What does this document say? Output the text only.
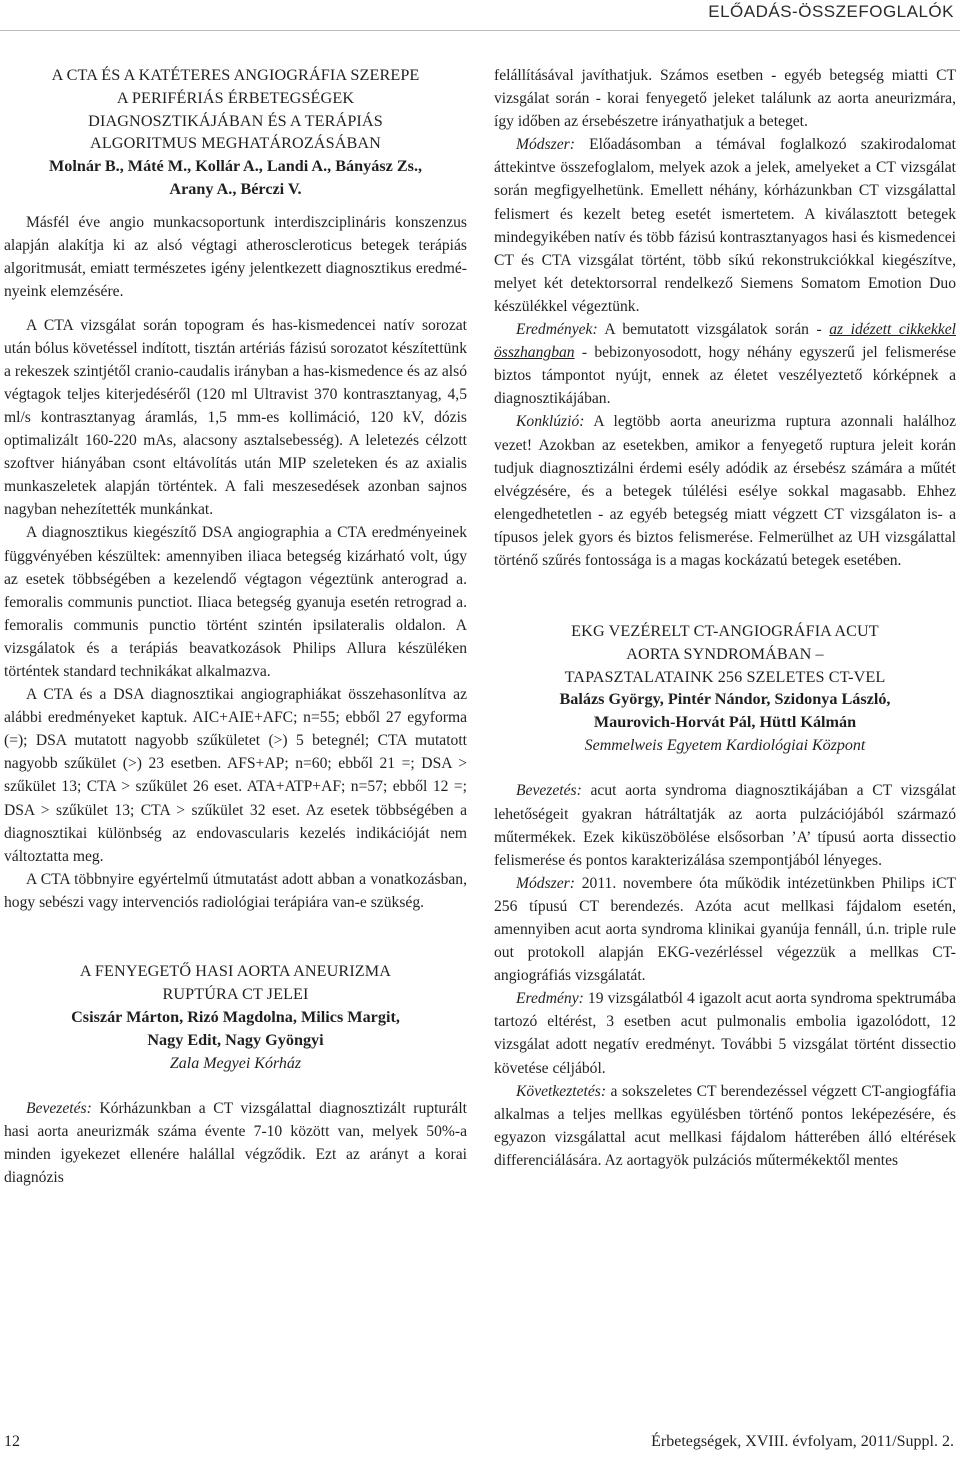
ELŐADÁS-ÖSSZEFOGLALÓK
A CTA ÉS A KATÉTERES ANGIOGRÁFIA SZEREPE
A PERIFÉRIÁS ÉRBETEGSÉGEK
DIAGNOSZTIKÁJÁBAN ÉS A TERÁPIÁS
ALGORITMUS MEGHATÁROZÁSÁBAN
Molnár B., Máté M., Kollár A., Landi A., Bányász Zs.,
Arany A., Bérczi V.

Másfél éve angio munkacsoportunk interdiszciplináris konszenzus alapján alakítja ki az alsó végtagi atheroscleroticus betegek terápiás algoritmusát, emiatt természetes igény jelentkezett diagnosztikus eredményeink elemzésére.

A CTA vizsgálat során topogram és has-kismedencei natív sorozat után bólus követéssel indított, tisztán artériás fázisú sorozatot készítettünk a rekeszek szintjétől cranio-caudalis irányban a has-kismedence és az alsó végtagok teljes kiterjedéséről (120 ml Ultravist 370 kontrasztanyag, 4,5 ml/s kontrasztanyag áramlás, 1,5 mm-es kollimáció, 120 kV, dózis optimalizált 160-220 mAs, alacsony asztalsebesség). A leletezés célzott szoftver hiányában csont eltávolítás után MIP szeleteken és az axialis munkaszeletek alapján történtek. A fali meszesedések azonban sajnos nagyban nehezítették munkánkat.

A diagnosztikus kiegészítő DSA angiographia a CTA eredményeinek függvényében készültek: amennyiben iliaca betegség kizárható volt, úgy az esetek többségében a kezelendő végtagon végeztünk anterograd a. femoralis communis punctiot. Iliaca betegség gyanuja esetén retrograd a. femoralis communis punctio történt szintén ipsilateralis oldalon. A vizsgálatok és a terápiás beavatkozások Philips Allura készüléken történtek standard technikákat alkalmazva.

A CTA és a DSA diagnosztikai angiographiákat összehasonlítva az alábbi eredményeket kaptuk. AIC+AIE+AFC; n=55; ebből 27 egyforma (=); DSA mutatott nagyobb szűkületet (>) 5 betegnél; CTA mutatott nagyobb szűkület (>) 23 esetben. AFS+AP; n=60; ebből 21 =; DSA > szűkület 13; CTA > szűkület 26 eset. ATA+ATP+AF; n=57; ebből 12 =; DSA > szűkület 13; CTA > szűkület 32 eset. Az esetek többségében a diagnosztikai különbség az endovascularis kezelés indikációját nem változtatta meg.

A CTA többnyire egyértelmű útmutatást adott abban a vonatkozásban, hogy sebészi vagy intervenciós radiológiai terápiára van-e szükség.

A FENYEGETŐ HASI AORTA ANEURIZMA
RUPTÚRA CT JELEI
Csiszár Márton, Rizó Magdolna, Milics Margit,
Nagy Edit, Nagy Gyöngyi
Zala Megyei Kórház

Bevezetés: Kórházunkban a CT vizsgálattal diagnosztizált rupturált hasi aorta aneurizmák száma évente 7-10 között van, melyek 50%-a minden igyekezet ellenére halállal végződik. Ezt az arányt a korai diagnózis

felállításával javíthatjuk. Számos esetben - egyéb betegség miatti CT vizsgálat során - korai fenyegető jeleket találunk az aorta aneurizmára, így időben az érsebészetre irányathatjuk a beteget.

Módszer: Előadásomban a témával foglalkozó szakirodalomat áttekintve összefoglalom, melyek azok a jelek, amelyeket a CT vizsgálat során megfigyelhetünk. Emellett néhány, kórházunkban CT vizsgálattal felismert és kezelt beteg esetét ismertetem. A kiválasztott betegek mindegyikében natív és több fázisú kontrasztanyagos hasi és kismedencei CT és CTA vizsgálat történt, több síkú rekonstrukciókkal kiegészítve, melyet két detektorsorral rendelkező Siemens Somatom Emotion Duo készülékkel végeztünk.

Eredmények: A bemutatott vizsgálatok során - az idézett cikkekkel összhangban - bebizonyosodott, hogy néhány egyszerű jel felismerése biztos támpontot nyújt, ennek az életet veszélyeztető kórképnek a diagnosztikájában.

Konklúzió: A legtöbb aorta aneurizma ruptura azonnali halálhoz vezet! Azokban az esetekben, amikor a fenyegető ruptura jeleit korán tudjuk diagnosztizálni érdemi esély adódik az érsebész számára a műtét elvégzésére, és a betegek túlélési esélye sokkal magasabb. Ehhez elengedhetetlen - az egyéb betegség miatt végzett CT vizsgálaton is- a típusos jelek gyors és biztos felismerése. Felmerülhet az UH vizsgálattal történő szűrés fontossága is a magas kockázatú betegek esetében.

EKG VEZÉRELT CT-ANGIOGRÁFIA ACUT
AORTA SYNDROMÁBAN –
TAPASZTALATAINK 256 SZELETES CT-VEL
Balázs György, Pintér Nándor, Szidonya László,
Maurovich-Horvát Pál, Hüttl Kálmán
Semmelweis Egyetem Kardiológiai Központ

Bevezetés: acut aorta syndroma diagnosztikájában a CT vizsgálat lehetőségeit gyakran hátráltatják az aorta pulzációjából származó műtermékek. Ezek kiküszöbölése elsősorban ’A’ típusú aorta dissectio felismerése és pontos karakterizálása szempontjából lényeges.

Módszer: 2011. novembere óta működik intézetünkben Philips iCT 256 típusú CT berendezés. Azóta acut mellkasi fájdalom esetén, amennyiben acut aorta syndroma klinikai gyanúja fennáll, ú.n. triple rule out protokoll alapján EKG-vezérléssel végezzük a mellkas CT-angiográfiás vizsgálatát.

Eredmény: 19 vizsgálatból 4 igazolt acut aorta syndroma spektrumába tartozó eltérést, 3 esetben acut pulmonalis embolia igazolódott, 12 vizsgálat adott negatív eredményt. További 5 vizsgálat történt dissectio követése céljából.

Következtetés: a sokszeletes CT berendezéssel végzett CT-angiogfáfia alkalmas a teljes mellkas együlésben történő pontos leképezésére, és egyazon vizsgálattal acut mellkasi fájdalom hátterében álló eltérések differenciálására. Az aortagyök pulzációs műtermékektől mentes

12	Érbetegségek, XVIII. évfolyam, 2011/Suppl. 2.
